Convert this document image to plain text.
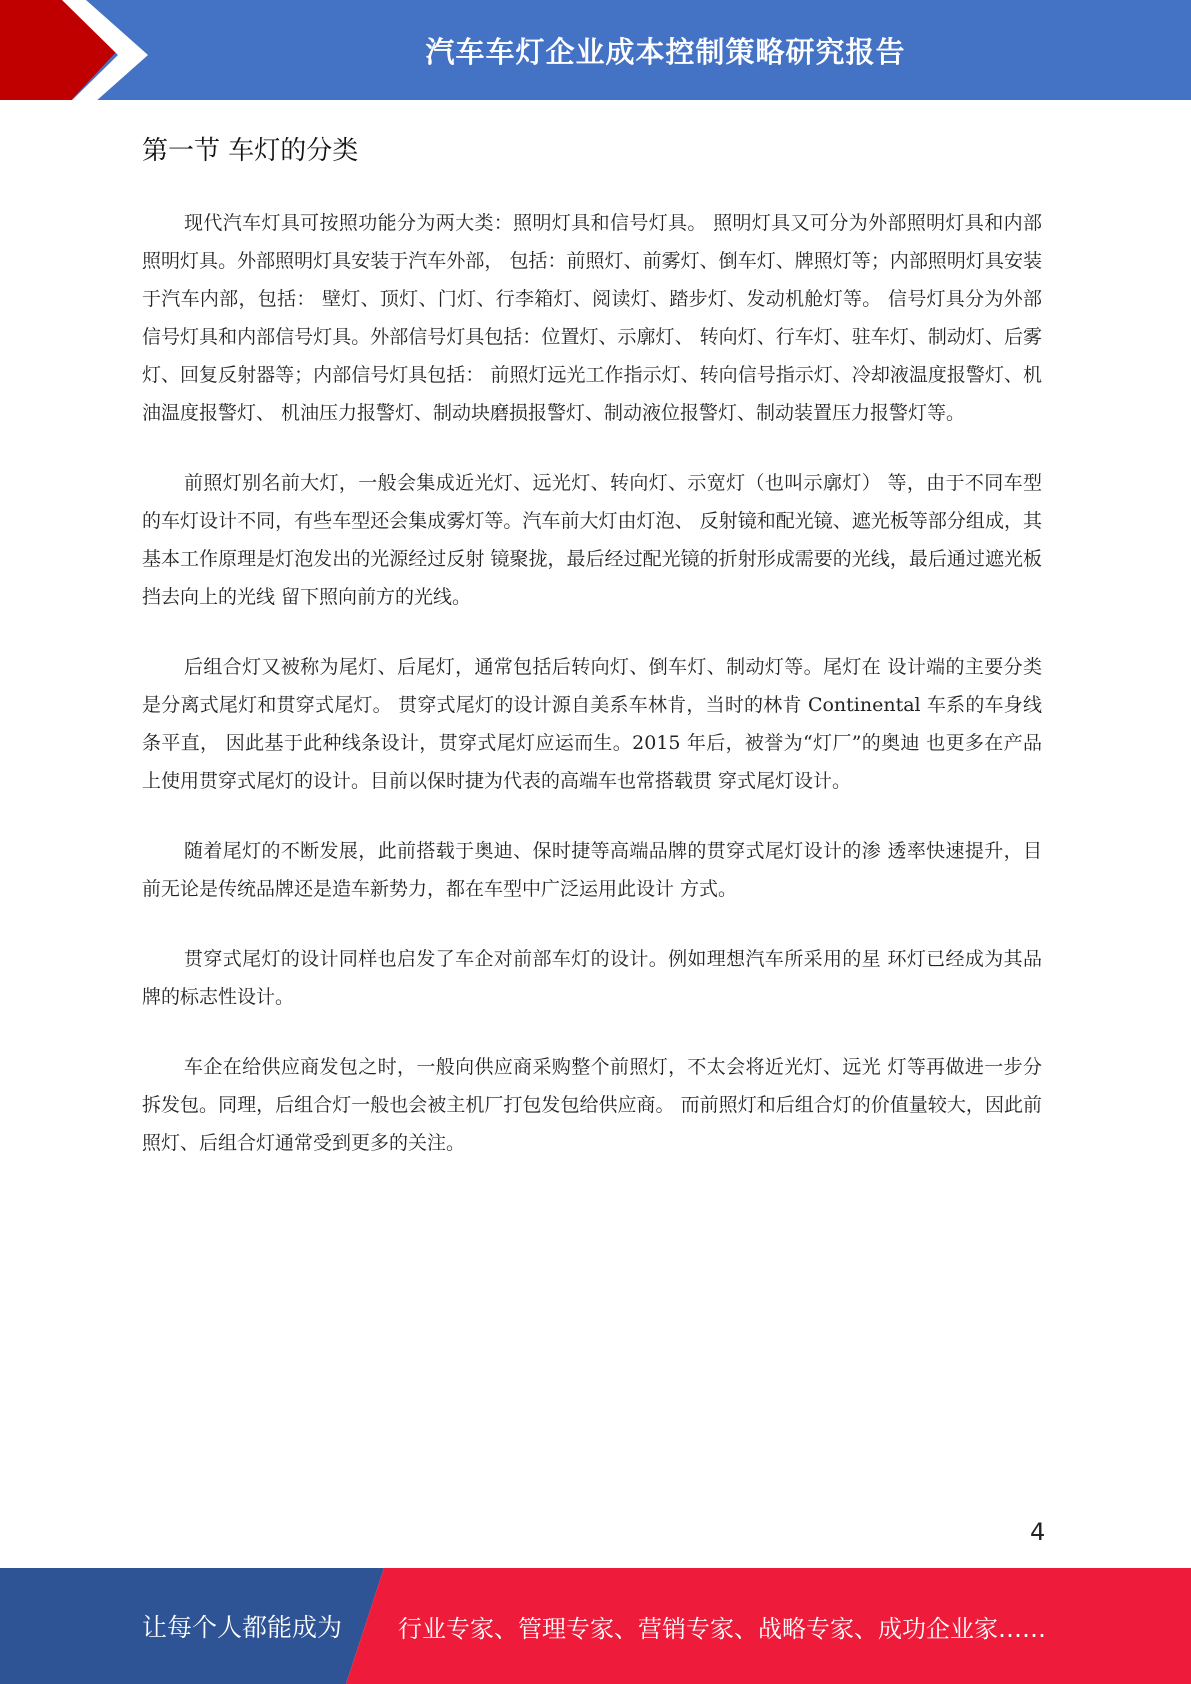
汽车车灯企业成本控制策略研究报告
第一节 车灯的分类

现代汽车灯具可按照功能分为两大类：照明灯具和信号灯具。 照明灯具又可分为外部照明灯具和内部照明灯具。外部照明灯具安装于汽车外部， 包括：前照灯、前雾灯、倒车灯、牌照灯等；内部照明灯具安装于汽车内部，包括： 壁灯、顶灯、门灯、行李箱灯、阅读灯、踏步灯、发动机舱灯等。 信号灯具分为外部信号灯具和内部信号灯具。外部信号灯具包括：位置灯、示廓灯、 转向灯、行车灯、驻车灯、制动灯、后雾灯、回复反射器等；内部信号灯具包括： 前照灯远光工作指示灯、转向信号指示灯、冷却液温度报警灯、机油温度报警灯、 机油压力报警灯、制动块磨损报警灯、制动液位报警灯、制动装置压力报警灯等。

前照灯别名前大灯，一般会集成近光灯、远光灯、转向灯、示宽灯（也叫示廓灯） 等，由于不同车型的车灯设计不同，有些车型还会集成雾灯等。汽车前大灯由灯泡、 反射镜和配光镜、遮光板等部分组成，其基本工作原理是灯泡发出的光源经过反射 镜聚拢，最后经过配光镜的折射形成需要的光线，最后通过遮光板挡去向上的光线 留下照向前方的光线。

后组合灯又被称为尾灯、后尾灯，通常包括后转向灯、倒车灯、制动灯等。尾灯在 设计端的主要分类是分离式尾灯和贯穿式尾灯。 贯穿式尾灯的设计源自美系车林肯，当时的林肯 Continental 车系的车身线条平直， 因此基于此种线条设计，贯穿式尾灯应运而生。2015 年后，被誉为“灯厂”的奥迪 也更多在产品上使用贯穿式尾灯的设计。目前以保时捷为代表的高端车也常搭载贯 穿式尾灯设计。

随着尾灯的不断发展，此前搭载于奥迪、保时捷等高端品牌的贯穿式尾灯设计的渗 透率快速提升，目前无论是传统品牌还是造车新势力，都在车型中广泛运用此设计 方式。

贯穿式尾灯的设计同样也启发了车企对前部车灯的设计。例如理想汽车所采用的星 环灯已经成为其品牌的标志性设计。

车企在给供应商发包之时，一般向供应商采购整个前照灯，不太会将近光灯、远光 灯等再做进一步分拆发包。同理，后组合灯一般也会被主机厂打包发包给供应商。 而前照灯和后组合灯的价值量较大，因此前照灯、后组合灯通常受到更多的关注。

4
让每个人都能成为 行业专家、管理专家、营销专家、战略专家、成功企业家……
